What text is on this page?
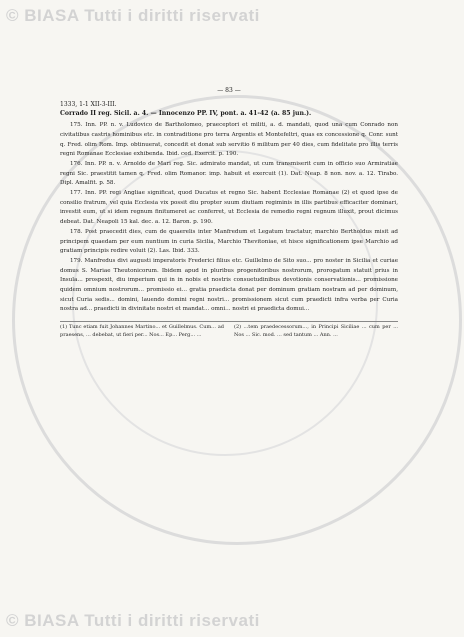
© BIASA Tutti i diritti riservati
— 83 —
1333, 1-1 XII-3-III.
Corrado II reg. Sicil. a. 4. — Innocenzo PP. IV, pont. a. 41-42 (a. 85 jun.).

175. Inn. PP. n. v. Ludovico de Bartholomeo, praeceptori et militi, a. d. mandati, quod una cum Conrado non civitatibus castris hominibus etc. in contraditione pro terra Argentis et Montefeltri, quas ex concessione q. Conr. sunt q. Fred. olim Rom. Imp. obtinuerat, concedit et donat sub servitio 6 militum per 40 dies, cum fidelitate pro illis terris regni Romanae Ecclesiae exhibenda. Ibid. ced. Exercit. p. 190.

176. Inn. PP. n. v. Arnoldo de Mari reg. Sic. admirato mandat, ut cum transmiserit cum in officio suo Armiratiae regni Sic. praestitit tamen q. Fred. olim Romanor. imp. habuit et exercuit (1). Dat. Neap. 8 non. nov. a. 12. Tirabo. Dipl. Amalfit. p. 58.

177. Inn. PP. regi Angliae significat, quod Ducatus et regno Sic. habent Ecclesiae Romanae (2) et quod ipse de consilio fratrum, vel quia Ecclesia vix possit diu propter suum diutiam regiminis in illis partibus efficaciter dominari, investit eum, ut si idem regnum finitumeret ac conferret, ut Ecclesia de remedio regni regnum illuxit, prout dicimus debeat. Dat. Neapoli 15 kal. dec. a. 12. Baron. p. 190.

178. Post praecedit dies, cum de quaerelis inter Manfredum et Legatum tractatur, marchio Bertholdus misit ad principem quaedam per eum nuntium in curia Sicilia, Marchio Thevitoniae, et hisce significationem ipse Marchio ad gratiam principis redire voluit (2). Las. Ibid. 333.

179. Manfredus divi augusti imperatoris Frederici filius etc. Guillelmo de Sito suo... pro noster in Sicilia et curiae domus S. Mariae Theutonicorum. Ibidem apud in pluribus progenitoribus nostrorum, prorogatum statuit prius in Insula... prospexit, diu imperium qui in in nobis et nostris consuetudinibus devotionis conservationis... promissione quidem omnium nostrorum... promissio ei... gratia praedicta donat per dominum gratiam nostram ad per dominum, sicut Curia sedis... domini, lauendo domini regni nostri... promissionem sicut cum praedicti infra verba per Curia nostra ad... praedicti in divinitate nostri et mandat... omni... nostri ei praedicta domui...

(1) Tunc etiam fuit Johannes Martino... et Guillelmus. Cum... ad praesens, ... debebat, ut fieri per... Nos... Ep... Perg... ...
(2) ...tem praedecessorum..., in Principi Siciliae ... cum per ... Nos ... Sic. mod. ... sed tantum ... Ann. ...
© BIASA Tutti i diritti riservati
